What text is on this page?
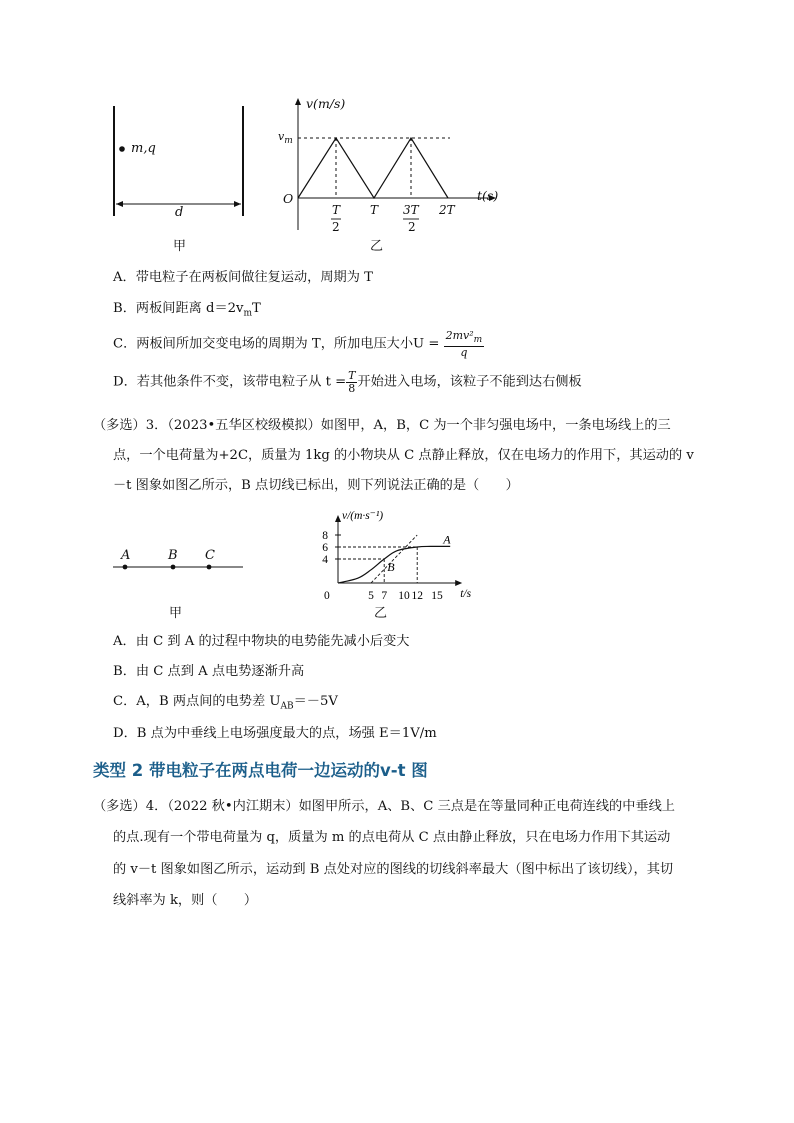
m,q
d
甲
v(m/s)
$v_m$
O	t(s)
T
2
T 3T
2
2T
乙
A．带电粒子在两板间做往复运动，周期为 T
B．两板间距离 $d=2v_mT$
C．两板间所加交变电场的周期为 T，所加电压大小$U = \frac{2mv^2_m}{q}$
D．若其他条件不变，该带电粒子从 $t = \frac{T}{8}$ 开始进入电场，该粒子不能到达右侧板
（多选）3．（2023•五华区校级模拟）如图甲，A，B，C 为一个非匀强电场中，一条电场线上的三
点，一个电荷量为+2C，质量为 1kg 的小物块从 C 点静止释放，仅在电场力的作用下，其运动的 v
－t 图象如图乙所示，B 点切线已标出，则下列说法正确的是（　　）
A	B C
甲
v/(m·s⁻¹)
t/s
0
4
6
8
5 7 10 12 15
B
A
乙
A．由 C 到 A 的过程中物块的电势能先减小后变大
B．由 C 点到 A 点电势逐渐升高
C．A，B 两点间的电势差 $U_{AB}=-5V$
D．B 点为中垂线上电场强度最大的点，场强 E＝1V/m
类型 2 带电粒子在两点电荷一边运动的v-t 图
（多选）4．（2022 秋•内江期末）如图甲所示，A、B、C 三点是在等量同种正电荷连线的中垂线上
的点.现有一个带电荷量为 q，质量为 m 的点电荷从 C 点由静止释放，只在电场力作用下其运动
的 v－t 图象如图乙所示，运动到 B 点处对应的图线的切线斜率最大（图中标出了该切线），其切
线斜率为 k，则（　　）
